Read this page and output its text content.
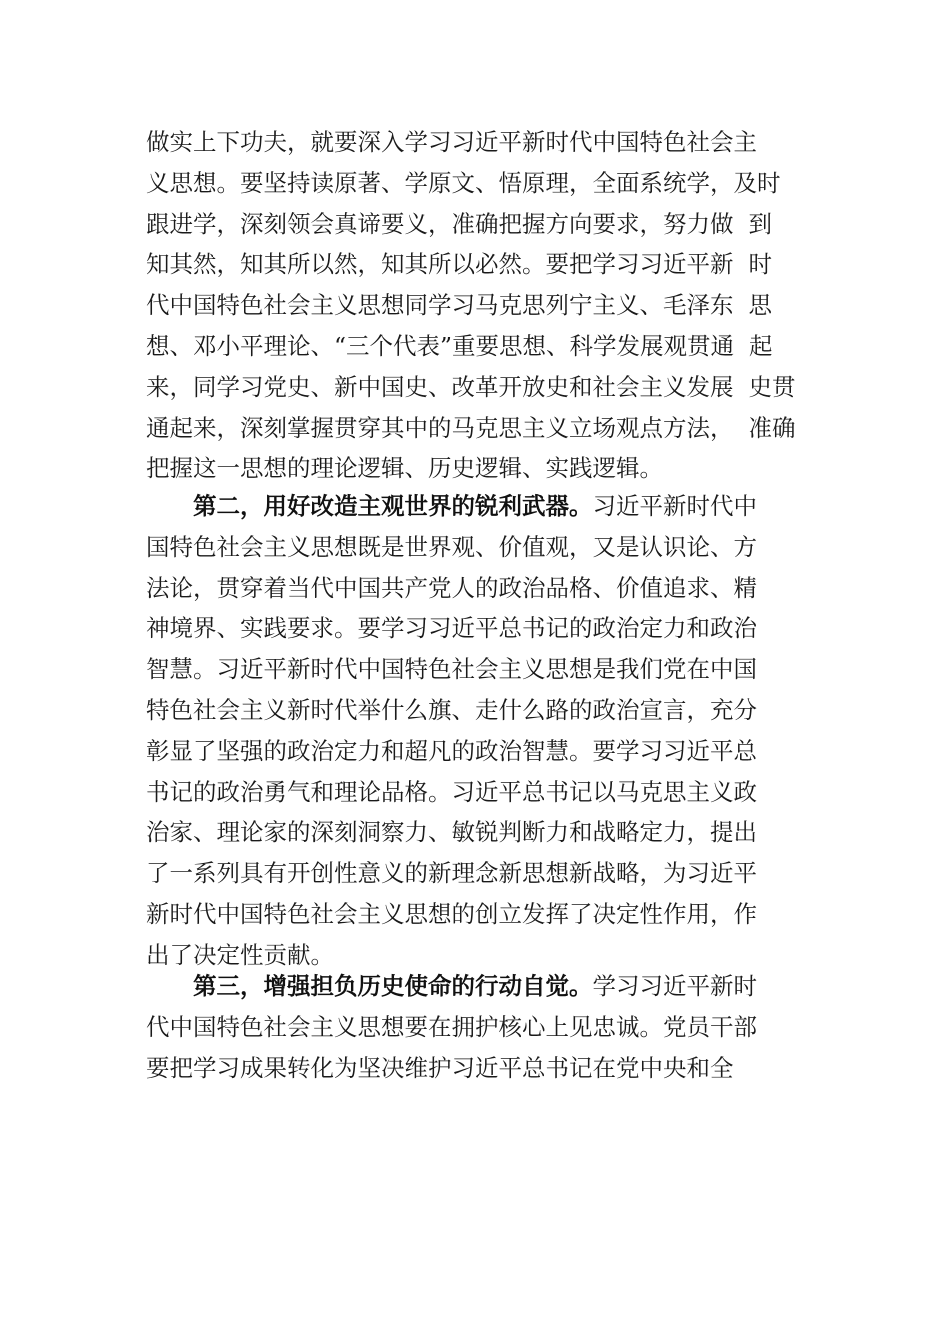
做实上下功夫，就要深入学习习近平新时代中国特色社会主
义思想。要坚持读原著、学原文、悟原理，全面系统学，及时
跟进学，深刻领会真谛要义，准确把握方向要求，努力做  到
知其然，知其所以然，知其所以必然。要把学习习近平新  时
代中国特色社会主义思想同学习马克思列宁主义、毛泽东  思
想、邓小平理论、“三个代表”重要思想、科学发展观贯通  起
来，同学习党史、新中国史、改革开放史和社会主义发展  史贯
通起来，深刻掌握贯穿其中的马克思主义立场观点方法，  准确
把握这一思想的理论逻辑、历史逻辑、实践逻辑。
第二，用好改造主观世界的锐利武器。习近平新时代中
国特色社会主义思想既是世界观、价值观，又是认识论、方
法论，贯穿着当代中国共产党人的政治品格、价值追求、精
神境界、实践要求。要学习习近平总书记的政治定力和政治
智慧。习近平新时代中国特色社会主义思想是我们党在中国
特色社会主义新时代举什么旗、走什么路的政治宣言，充分
彰显了坚强的政治定力和超凡的政治智慧。要学习习近平总
书记的政治勇气和理论品格。习近平总书记以马克思主义政
治家、理论家的深刻洞察力、敏锐判断力和战略定力，提出
了一系列具有开创性意义的新理念新思想新战略，为习近平
新时代中国特色社会主义思想的创立发挥了决定性作用，作
出了决定性贡献。
第三，增强担负历史使命的行动自觉。学习习近平新时
代中国特色社会主义思想要在拥护核心上见忠诚。党员干部
要把学习成果转化为坚决维护习近平总书记在党中央和全
